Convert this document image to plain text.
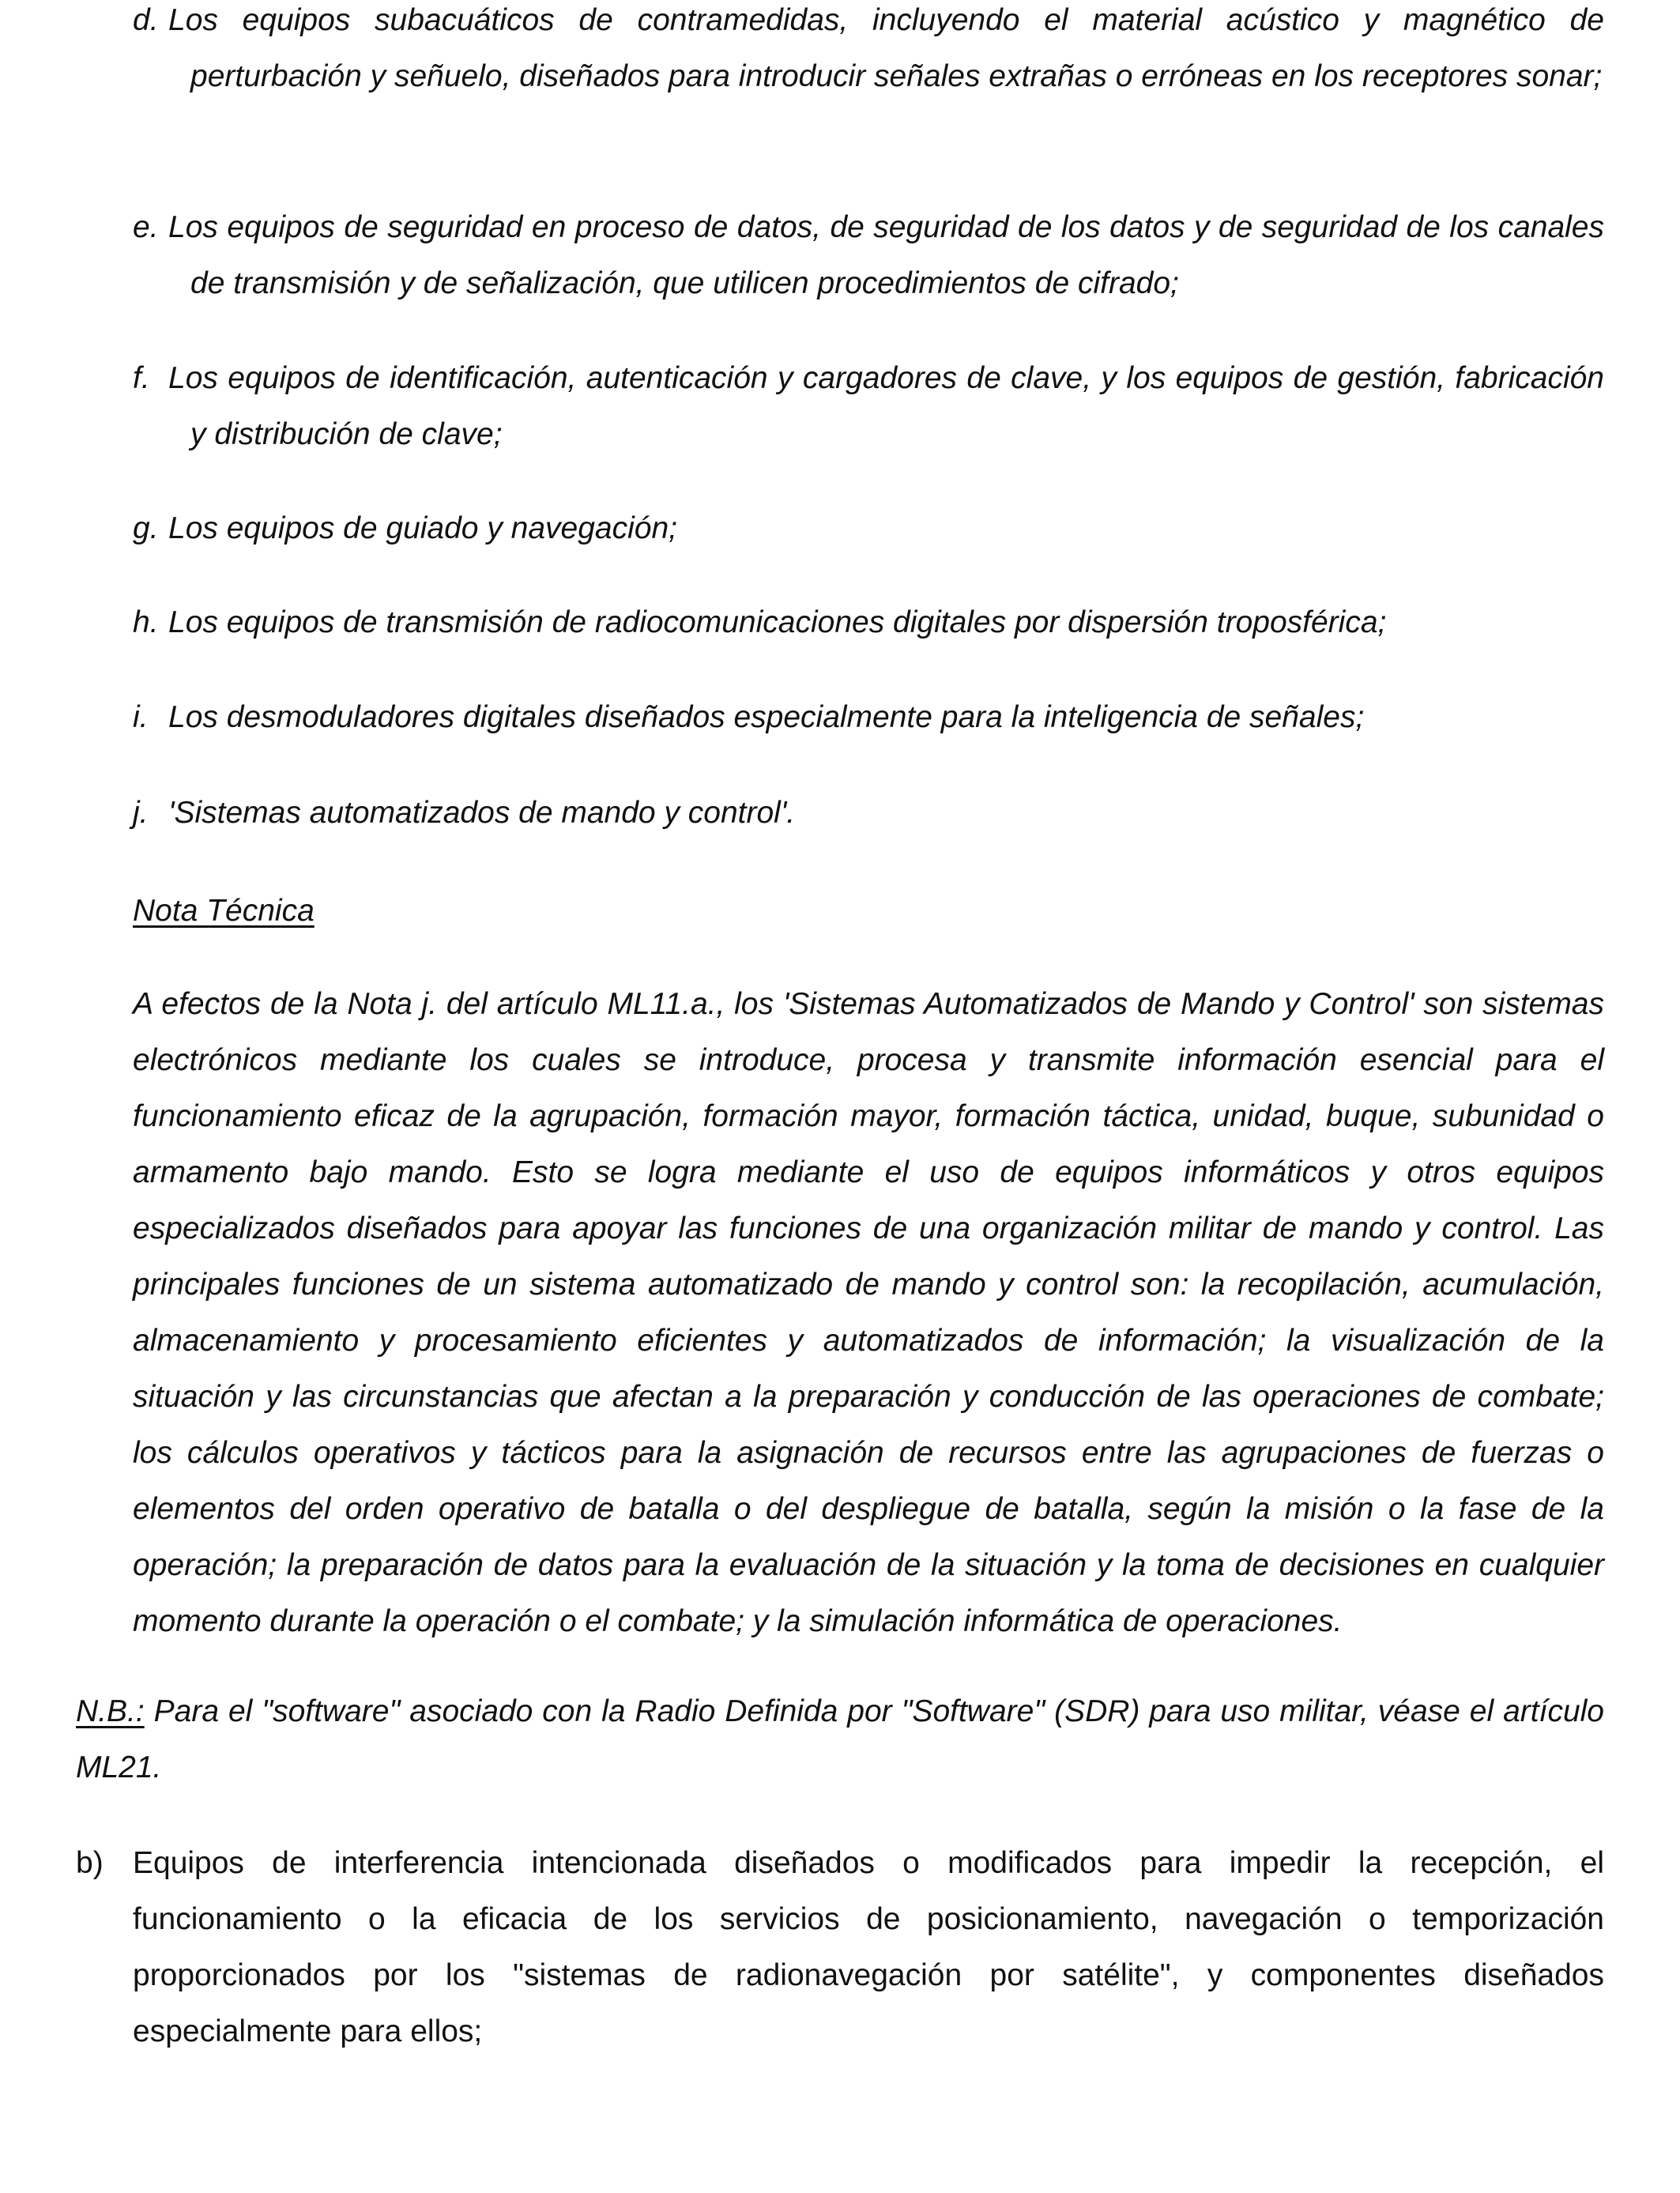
d. Los equipos subacuáticos de contramedidas, incluyendo el material acústico y magnético de perturbación y señuelo, diseñados para introducir señales extrañas o erróneas en los receptores sonar;
e. Los equipos de seguridad en proceso de datos, de seguridad de los datos y de seguridad de los canales de transmisión y de señalización, que utilicen procedimientos de cifrado;
f. Los equipos de identificación, autenticación y cargadores de clave, y los equipos de gestión, fabricación y distribución de clave;
g. Los equipos de guiado y navegación;
h. Los equipos de transmisión de radiocomunicaciones digitales por dispersión troposférica;
i. Los desmoduladores digitales diseñados especialmente para la inteligencia de señales;
j. 'Sistemas automatizados de mando y control'.
Nota Técnica
A efectos de la Nota j. del artículo ML11.a., los 'Sistemas Automatizados de Mando y Control' son sistemas electrónicos mediante los cuales se introduce, procesa y transmite información esencial para el funcionamiento eficaz de la agrupación, formación mayor, formación táctica, unidad, buque, subunidad o armamento bajo mando. Esto se logra mediante el uso de equipos informáticos y otros equipos especializados diseñados para apoyar las funciones de una organización militar de mando y control. Las principales funciones de un sistema automatizado de mando y control son: la recopilación, acumulación, almacenamiento y procesamiento eficientes y automatizados de información; la visualización de la situación y las circunstancias que afectan a la preparación y conducción de las operaciones de combate; los cálculos operativos y tácticos para la asignación de recursos entre las agrupaciones de fuerzas o elementos del orden operativo de batalla o del despliegue de batalla, según la misión o la fase de la operación; la preparación de datos para la evaluación de la situación y la toma de decisiones en cualquier momento durante la operación o el combate; y la simulación informática de operaciones.
N.B.: Para el "software" asociado con la Radio Definida por "Software" (SDR) para uso militar, véase el artículo ML21.
b) Equipos de interferencia intencionada diseñados o modificados para impedir la recepción, el funcionamiento o la eficacia de los servicios de posicionamiento, navegación o temporización proporcionados por los "sistemas de radionavegación por satélite", y componentes diseñados especialmente para ellos;
